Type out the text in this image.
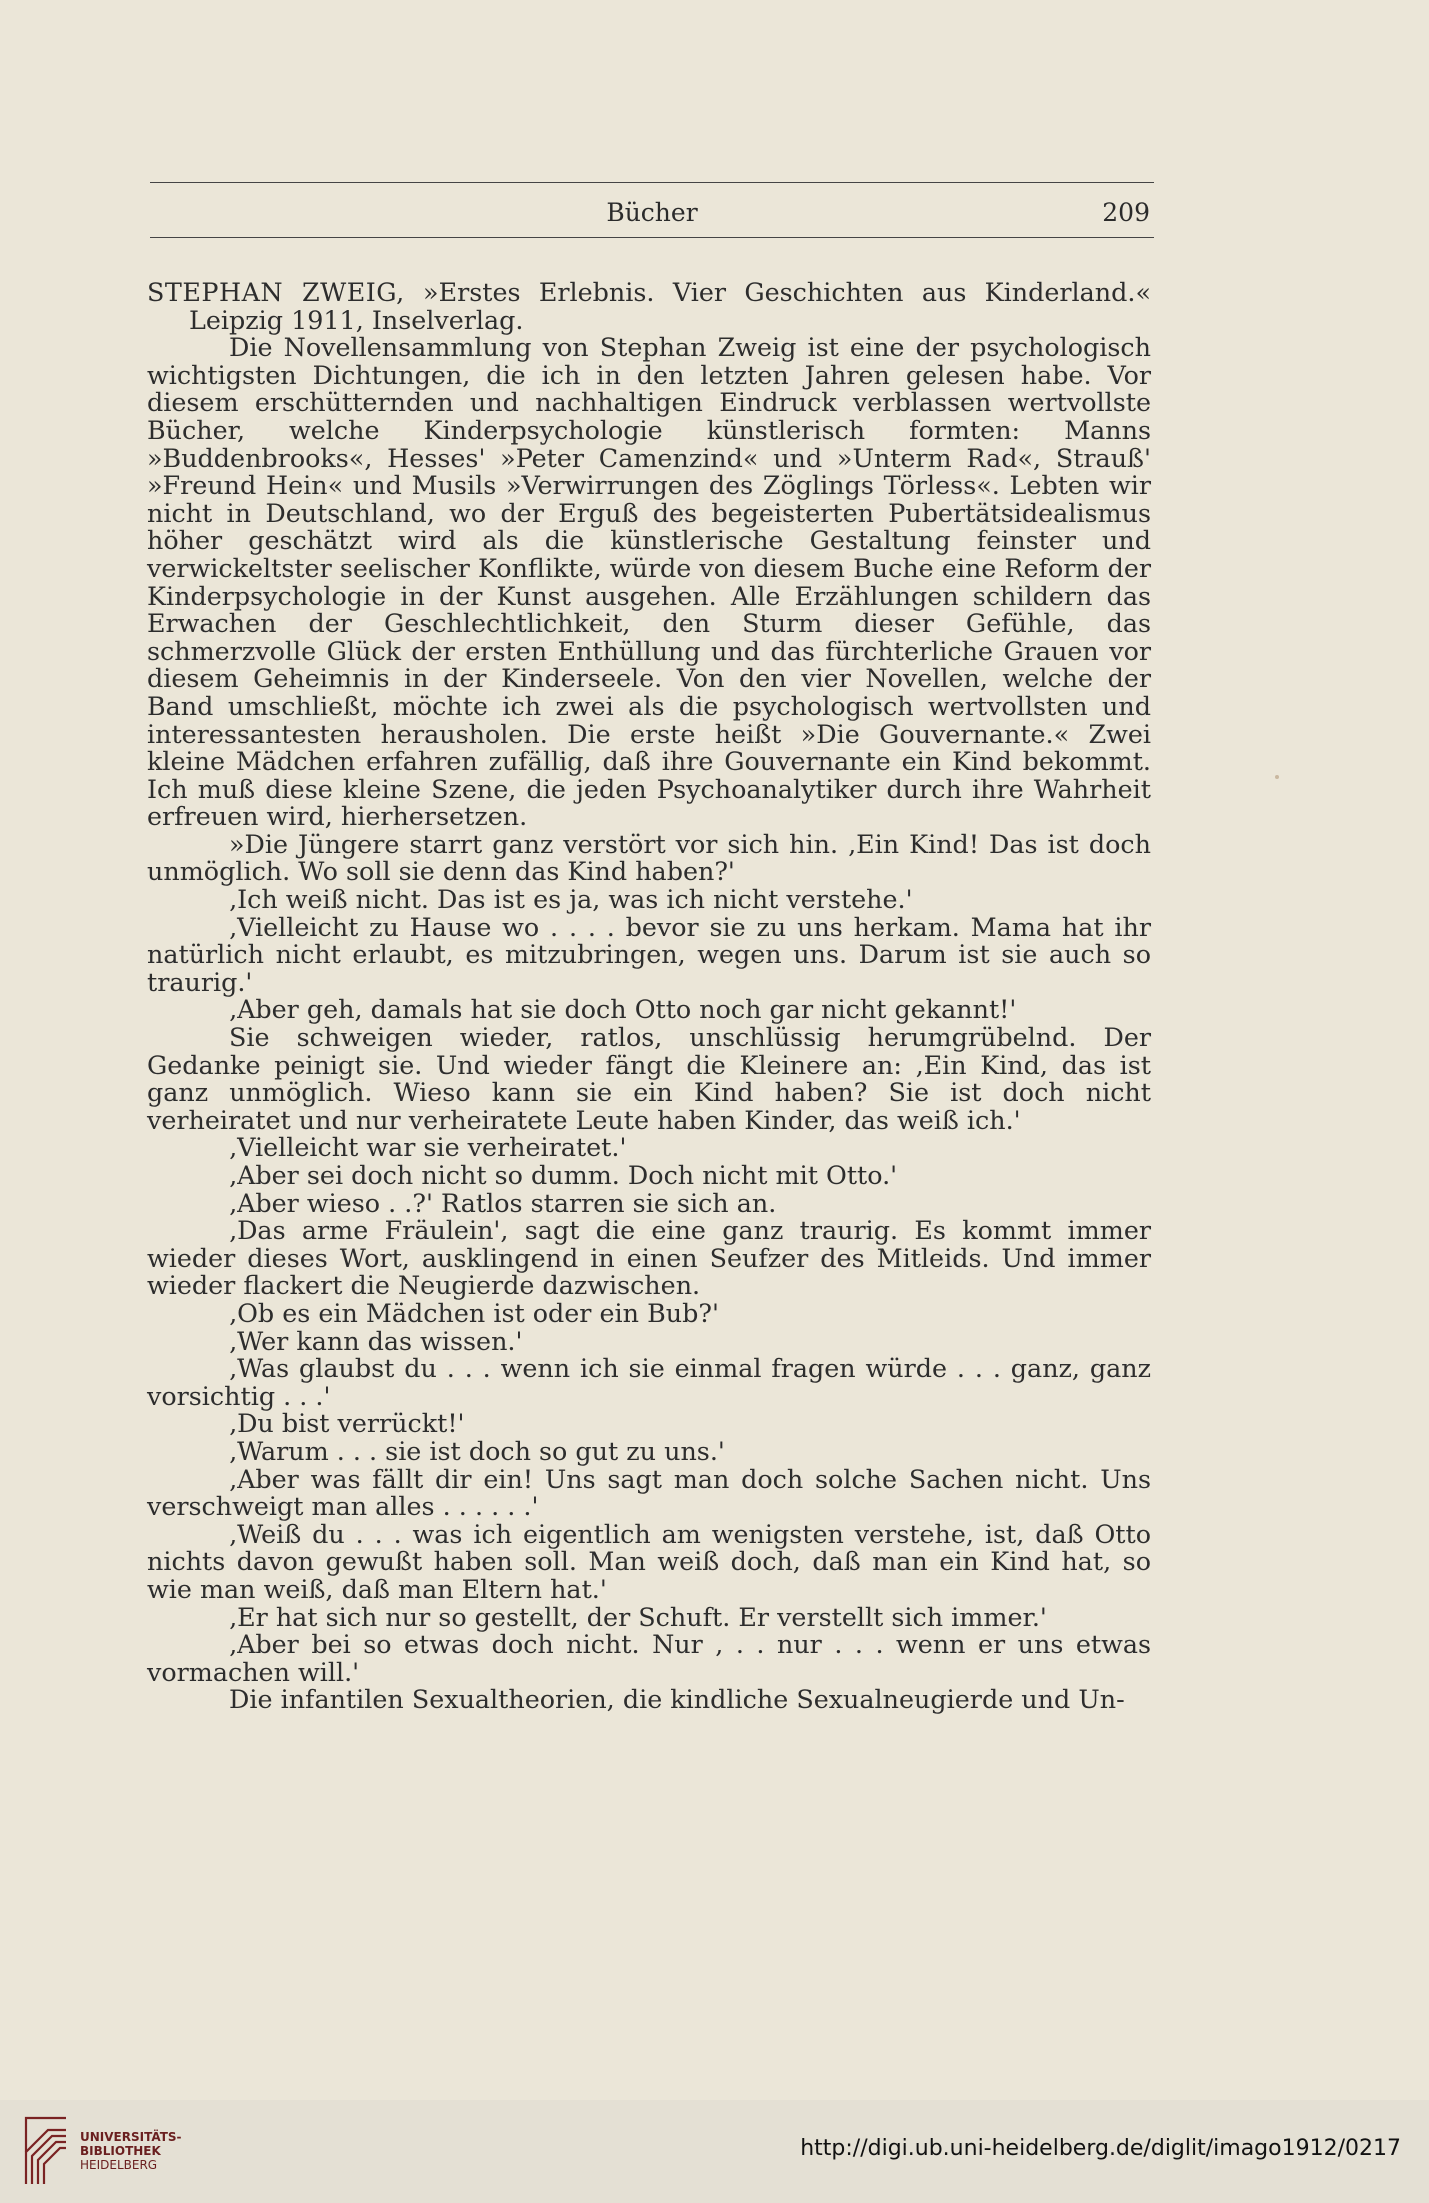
Bücher	209

STEPHAN ZWEIG, »Erstes Erlebnis. Vier Geschichten aus Kinderland.« Leipzig 1911, Inselverlag.

Die Novellensammlung von Stephan Zweig ist eine der psychologisch wichtigsten Dichtungen, die ich in den letzten Jahren gelesen habe. Vor diesem erschütternden und nachhaltigen Eindruck verblassen wertvollste Bücher, welche Kinderpsychologie künstlerisch formten: Manns »Buddenbrooks«, Hesses' »Peter Camenzind« und »Unterm Rad«, Strauß' »Freund Hein« und Musils »Verwirrungen des Zöglings Törless«. Lebten wir nicht in Deutschland, wo der Erguß des begeisterten Pubertätsidealismus höher geschätzt wird als die künstlerische Gestaltung feinster und verwickeltster seelischer Konflikte, würde von diesem Buche eine Reform der Kinderpsychologie in der Kunst ausgehen. Alle Erzählungen schildern das Erwachen der Geschlechtlichkeit, den Sturm dieser Gefühle, das schmerzvolle Glück der ersten Enthüllung und das fürchterliche Grauen vor diesem Geheimnis in der Kinderseele. Von den vier Novellen, welche der Band umschließt, möchte ich zwei als die psychologisch wertvollsten und interessantesten herausholen. Die erste heißt »Die Gouvernante.« Zwei kleine Mädchen erfahren zufällig, daß ihre Gouvernante ein Kind bekommt. Ich muß diese kleine Szene, die jeden Psychoanalytiker durch ihre Wahrheit erfreuen wird, hierhersetzen.

»Die Jüngere starrt ganz verstört vor sich hin. ‚Ein Kind! Das ist doch unmöglich. Wo soll sie denn das Kind haben?'

‚Ich weiß nicht. Das ist es ja, was ich nicht verstehe.'

‚Vielleicht zu Hause wo . . . . bevor sie zu uns herkam. Mama hat ihr natürlich nicht erlaubt, es mitzubringen, wegen uns. Darum ist sie auch so traurig.'

‚Aber geh, damals hat sie doch Otto noch gar nicht gekannt!'

Sie schweigen wieder, ratlos, unschlüssig herumgrübelnd. Der Gedanke peinigt sie. Und wieder fängt die Kleinere an: ‚Ein Kind, das ist ganz unmöglich. Wieso kann sie ein Kind haben? Sie ist doch nicht verheiratet und nur verheiratete Leute haben Kinder, das weiß ich.'

‚Vielleicht war sie verheiratet.'

‚Aber sei doch nicht so dumm. Doch nicht mit Otto.'

‚Aber wieso . .?' Ratlos starren sie sich an.

‚Das arme Fräulein', sagt die eine ganz traurig. Es kommt immer wieder dieses Wort, ausklingend in einen Seufzer des Mitleids. Und immer wieder flackert die Neugierde dazwischen.

‚Ob es ein Mädchen ist oder ein Bub?'

‚Wer kann das wissen.'

‚Was glaubst du . . . wenn ich sie einmal fragen würde . . . ganz, ganz vorsichtig . . .'

‚Du bist verrückt!'

‚Warum . . . sie ist doch so gut zu uns.'

‚Aber was fällt dir ein! Uns sagt man doch solche Sachen nicht. Uns verschweigt man alles . . . . . .'

‚Weiß du . . . was ich eigentlich am wenigsten verstehe, ist, daß Otto nichts davon gewußt haben soll. Man weiß doch, daß man ein Kind hat, so wie man weiß, daß man Eltern hat.'

‚Er hat sich nur so gestellt, der Schuft. Er verstellt sich immer.'

‚Aber bei so etwas doch nicht. Nur , . . nur . . . wenn er uns etwas vormachen will.'

Die infantilen Sexualtheorien, die kindliche Sexualneugierde und Un-

UNIVERSITÄTS-
BIBLIOTHEK
HEIDELBERG
http://digi.ub.uni-heidelberg.de/diglit/imago1912/0217
